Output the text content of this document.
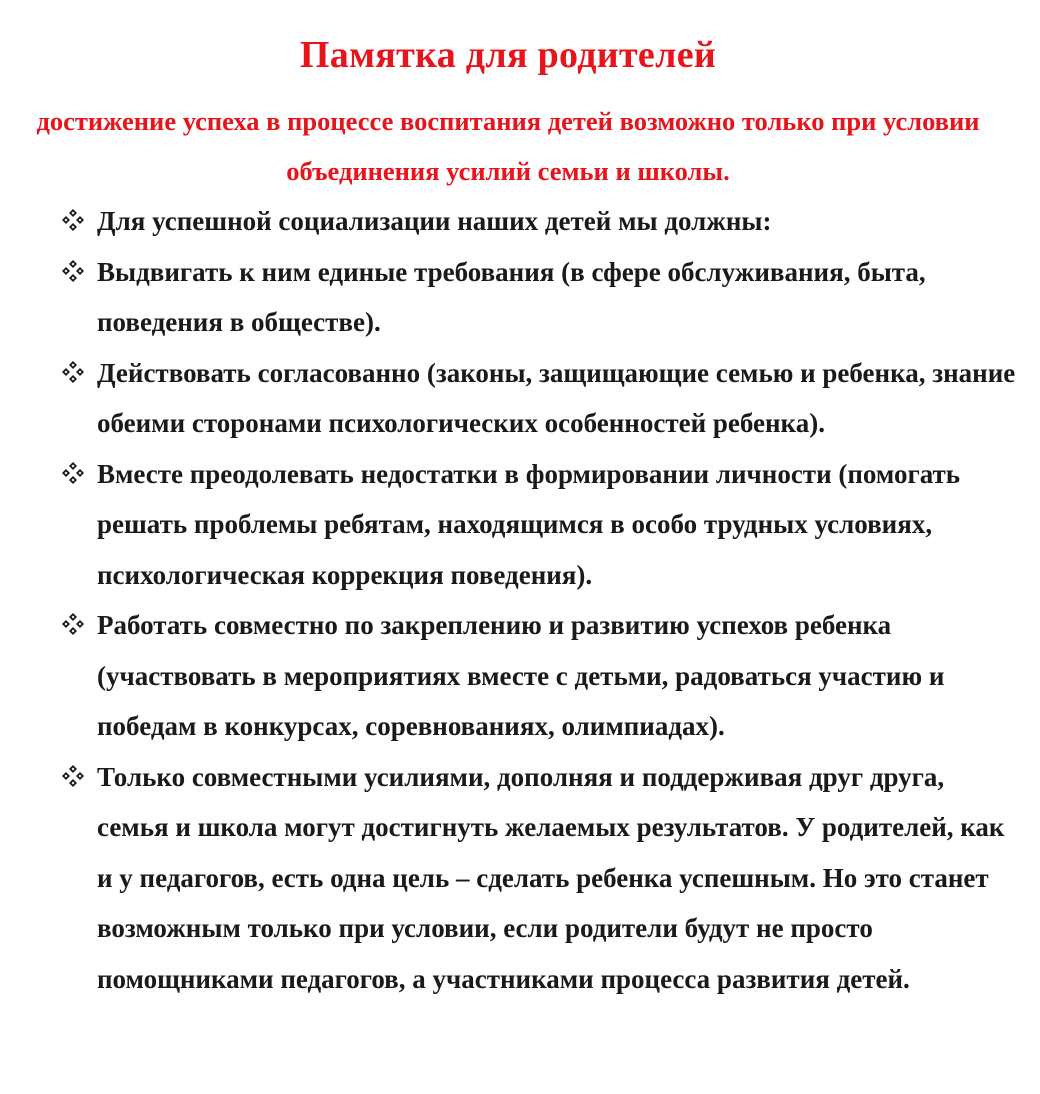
Памятка для родителей
достижение успеха в процессе воспитания детей возможно только при условии объединения усилий семьи и школы.
Для успешной социализации наших детей мы должны:
Выдвигать к ним единые требования (в сфере обслуживания, быта, поведения в обществе).
Действовать согласованно (законы, защищающие семью и ребенка, знание обеими сторонами психологических особенностей ребенка).
Вместе преодолевать недостатки в формировании личности (помогать решать проблемы ребятам, находящимся в особо трудных условиях, психологическая коррекция поведения).
Работать совместно по закреплению и развитию успехов ребенка (участвовать в мероприятиях вместе с детьми, радоваться участию и победам в конкурсах, соревнованиях, олимпиадах).
Только совместными усилиями, дополняя и поддерживая друг друга, семья и школа могут достигнуть желаемых результатов. У родителей, как и у педагогов, есть одна цель – сделать ребенка успешным. Но это станет возможным только при условии, если родители будут не просто помощниками педагогов, а участниками процесса развития детей.
